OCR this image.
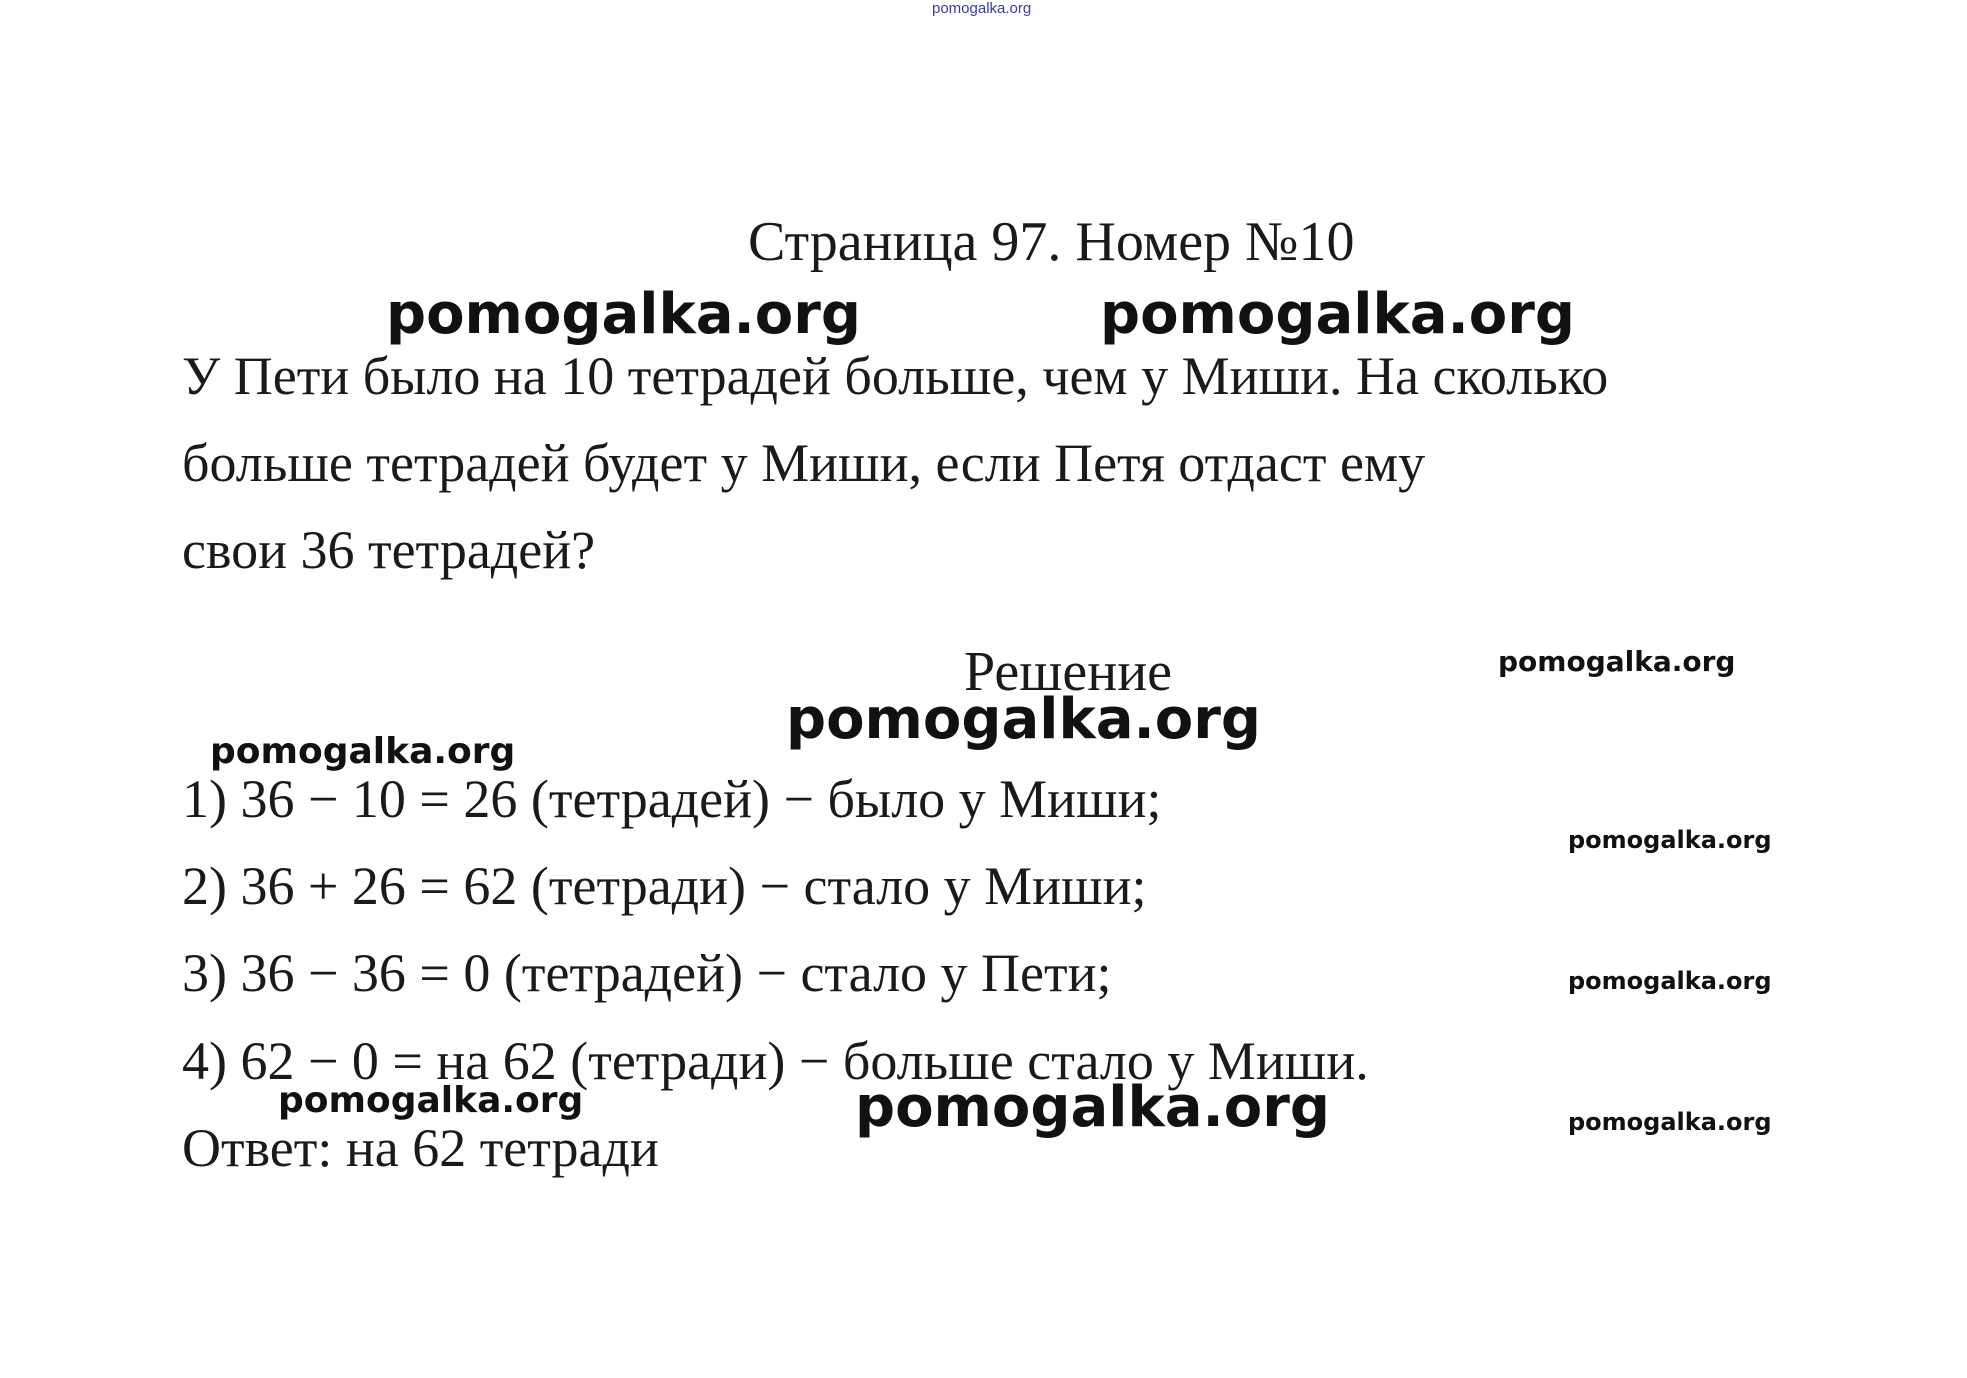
pomogalka.org
Страница 97. Номер №10
pomogalka.org	pomogalka.org
У Пети было на 10 тетрадей больше, чем у Миши. На сколько
больше тетрадей будет у Миши, если Петя отдаст ему
свои 36 тетрадей?
Решение	pomogalka.org
pomogalka.org
pomogalka.org
1) 36 − 10 = 26 (тетрадей) − было у Миши;
pomogalka.org
2) 36 + 26 = 62 (тетради) − стало у Миши;
pomogalka.org
3) 36 − 36 = 0 (тетрадей) − стало у Пети;
4) 62 − 0 = на 62 (тетради) − больше стало у Миши.
pomogalka.org	pomogalka.org	pomogalka.org
Ответ: на 62 тетради
